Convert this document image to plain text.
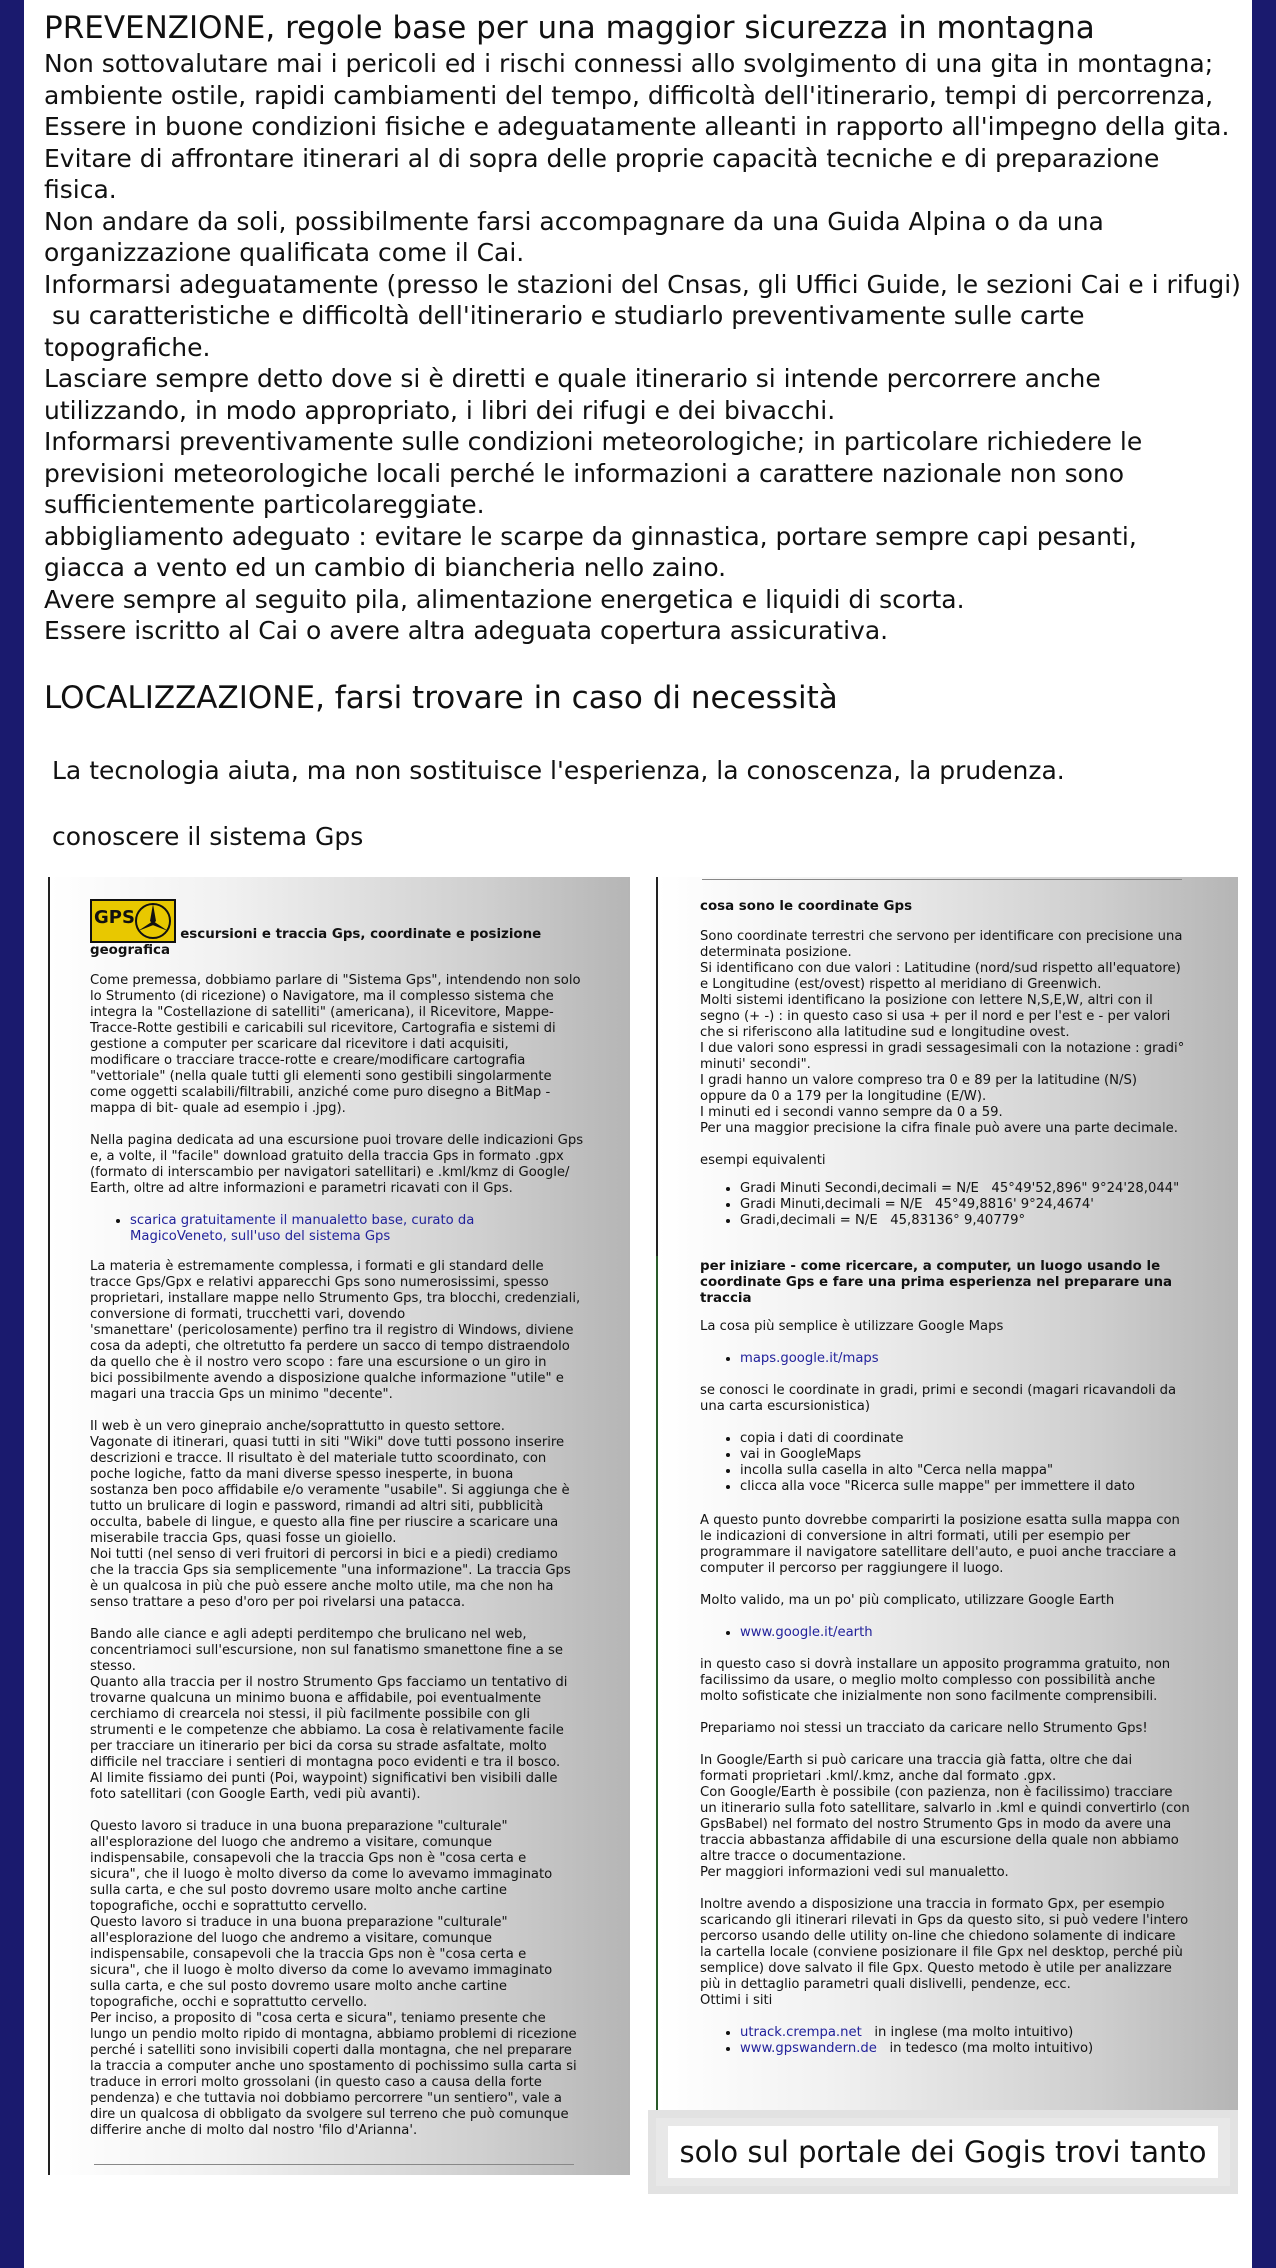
PREVENZIONE, regole base per una maggior sicurezza in montagna
Non sottovalutare mai i pericoli ed i rischi connessi allo svolgimento di una gita in montagna;
ambiente ostile, rapidi cambiamenti del tempo, difficoltà dell'itinerario, tempi di percorrenza,
Essere in buone condizioni fisiche e adeguatamente alleanti in rapporto all'impegno della gita.
Evitare di affrontare itinerari al di sopra delle proprie capacità tecniche e di preparazione
fisica.
Non andare da soli, possibilmente farsi accompagnare da una Guida Alpina o da una
organizzazione qualificata come il Cai.
Informarsi adeguatamente (presso le stazioni del Cnsas, gli Uffici Guide, le sezioni Cai e i rifugi)
su caratteristiche e difficoltà dell'itinerario e studiarlo preventivamente sulle carte
topografiche.
Lasciare sempre detto dove si è diretti e quale itinerario si intende percorrere anche
utilizzando, in modo appropriato, i libri dei rifugi e dei bivacchi.
Informarsi preventivamente sulle condizioni meteorologiche; in particolare richiedere le
previsioni meteorologiche locali perché le informazioni a carattere nazionale non sono
sufficientemente particolareggiate.
abbigliamento adeguato : evitare le scarpe da ginnastica, portare sempre capi pesanti,
giacca a vento ed un cambio di biancheria nello zaino.
Avere sempre al seguito pila, alimentazione energetica e liquidi di scorta.
Essere iscritto al Cai o avere altra adeguata copertura assicurativa.
LOCALIZZAZIONE, farsi trovare in caso di necessità
La tecnologia aiuta, ma non sostituisce l'esperienza, la conoscenza, la prudenza.
conoscere il sistema Gps
GPS
escursioni e traccia Gps, coordinate e posizione geografica

Come premessa, dobbiamo parlare di "Sistema Gps", intendendo non solo
lo Strumento (di ricezione) o Navigatore, ma il complesso sistema che
integra la "Costellazione di satelliti" (americana), il Ricevitore, Mappe-
Tracce-Rotte gestibili e caricabili sul ricevitore, Cartografia e sistemi di
gestione a computer per scaricare dal ricevitore i dati acquisiti,
modificare o tracciare tracce-rotte e creare/modificare cartografia
"vettoriale" (nella quale tutti gli elementi sono gestibili singolarmente
come oggetti scalabili/filtrabili, anziché come puro disegno a BitMap -
mappa di bit- quale ad esempio i .jpg).

Nella pagina dedicata ad una escursione puoi trovare delle indicazioni Gps
e, a volte, il "facile" download gratuito della traccia Gps in formato .gpx
(formato di interscambio per navigatori satellitari) e .kml/kmz di Google/
Earth, oltre ad altre informazioni e parametri ricavati con il Gps.

• scarica gratuitamente il manualetto base, curato da
MagicoVeneto, sull'uso del sistema Gps

La materia è estremamente complessa, i formati e gli standard delle
tracce Gps/Gpx e relativi apparecchi Gps sono numerosissimi, spesso
proprietari, installare mappe nello Strumento Gps, tra blocchi, credenziali,
conversione di formati, trucchetti vari, dovendo
'smanettare' (pericolosamente) perfino tra il registro di Windows, diviene
cosa da adepti, che oltretutto fa perdere un sacco di tempo distraendolo
da quello che è il nostro vero scopo : fare una escursione o un giro in
bici possibilmente avendo a disposizione qualche informazione "utile" e
magari una traccia Gps un minimo "decente".

Il web è un vero ginepraio anche/soprattutto in questo settore.
Vagonate di itinerari, quasi tutti in siti "Wiki" dove tutti possono inserire
descrizioni e tracce. Il risultato è del materiale tutto scoordinato, con
poche logiche, fatto da mani diverse spesso inesperte, in buona
sostanza ben poco affidabile e/o veramente "usabile". Si aggiunga che è
tutto un brulicare di login e password, rimandi ad altri siti, pubblicità
occulta, babele di lingue, e questo alla fine per riuscire a scaricare una
miserabile traccia Gps, quasi fosse un gioiello.
Noi tutti (nel senso di veri fruitori di percorsi in bici e a piedi) crediamo
che la traccia Gps sia semplicemente "una informazione". La traccia Gps
è un qualcosa in più che può essere anche molto utile, ma che non ha
senso trattare a peso d'oro per poi rivelarsi una patacca.

Bando alle ciance e agli adepti perditempo che brulicano nel web,
concentriamoci sull'escursione, non sul fanatismo smanettone fine a se
stesso.
Quanto alla traccia per il nostro Strumento Gps facciamo un tentativo di
trovarne qualcuna un minimo buona e affidabile, poi eventualmente
cerchiamo di crearcela noi stessi, il più facilmente possibile con gli
strumenti e le competenze che abbiamo. La cosa è relativamente facile
per tracciare un itinerario per bici da corsa su strade asfaltate, molto
difficile nel tracciare i sentieri di montagna poco evidenti e tra il bosco.
Al limite fissiamo dei punti (Poi, waypoint) significativi ben visibili dalle
foto satellitari (con Google Earth, vedi più avanti).

Questo lavoro si traduce in una buona preparazione "culturale"
all'esplorazione del luogo che andremo a visitare, comunque
indispensabile, consapevoli che la traccia Gps non è "cosa certa e
sicura", che il luogo è molto diverso da come lo avevamo immaginato
sulla carta, e che sul posto dovremo usare molto anche cartine
topografiche, occhi e soprattutto cervello.
Questo lavoro si traduce in una buona preparazione "culturale"
all'esplorazione del luogo che andremo a visitare, comunque
indispensabile, consapevoli che la traccia Gps non è "cosa certa e
sicura", che il luogo è molto diverso da come lo avevamo immaginato
sulla carta, e che sul posto dovremo usare molto anche cartine
topografiche, occhi e soprattutto cervello.
Per inciso, a proposito di "cosa certa e sicura", teniamo presente che
lungo un pendio molto ripido di montagna, abbiamo problemi di ricezione
perché i satelliti sono invisibili coperti dalla montagna, che nel preparare
la traccia a computer anche uno spostamento di pochissimo sulla carta si
traduce in errori molto grossolani (in questo caso a causa della forte
pendenza) e che tuttavia noi dobbiamo percorrere "un sentiero", vale a
dire un qualcosa di obbligato da svolgere sul terreno che può comunque
differire anche di molto dal nostro 'filo d'Arianna'.

cosa sono le coordinate Gps

Sono coordinate terrestri che servono per identificare con precisione una
determinata posizione.
Si identificano con due valori : Latitudine (nord/sud rispetto all'equatore)
e Longitudine (est/ovest) rispetto al meridiano di Greenwich.
Molti sistemi identificano la posizione con lettere N,S,E,W, altri con il
segno (+ -) : in questo caso si usa + per il nord e per l'est e - per valori
che si riferiscono alla latitudine sud e longitudine ovest.
I due valori sono espressi in gradi sessagesimali con la notazione : gradi°
minuti' secondi".
I gradi hanno un valore compreso tra 0 e 89 per la latitudine (N/S)
oppure da 0 a 179 per la longitudine (E/W).
I minuti ed i secondi vanno sempre da 0 a 59.
Per una maggior precisione la cifra finale può avere una parte decimale.

esempi equivalenti

• Gradi Minuti Secondi,decimali = N/E   45°49'52,896" 9°24'28,044"
• Gradi Minuti,decimali = N/E   45°49,8816' 9°24,4674'
• Gradi,decimali = N/E   45,83136° 9,40779°
per iniziare - come ricercare, a computer, un luogo usando le
coordinate Gps e fare una prima esperienza nel preparare una
traccia

La cosa più semplice è utilizzare Google Maps

• maps.google.it/maps

se conosci le coordinate in gradi, primi e secondi (magari ricavandoli da
una carta escursionistica)

• copia i dati di coordinate
• vai in GoogleMaps
• incolla sulla casella in alto "Cerca nella mappa"
• clicca alla voce "Ricerca sulle mappe" per immettere il dato

A questo punto dovrebbe comparirti la posizione esatta sulla mappa con
le indicazioni di conversione in altri formati, utili per esempio per
programmare il navigatore satellitare dell'auto, e puoi anche tracciare a
computer il percorso per raggiungere il luogo.

Molto valido, ma un po' più complicato, utilizzare Google Earth

• www.google.it/earth

in questo caso si dovrà installare un apposito programma gratuito, non
facilissimo da usare, o meglio molto complesso con possibilità anche
molto sofisticate che inizialmente non sono facilmente comprensibili.

Prepariamo noi stessi un tracciato da caricare nello Strumento Gps!

In Google/Earth si può caricare una traccia già fatta, oltre che dai
formati proprietari .kml/.kmz, anche dal formato .gpx.
Con Google/Earth è possibile (con pazienza, non è facilissimo) tracciare
un itinerario sulla foto satellitare, salvarlo in .kml e quindi convertirlo (con
GpsBabel) nel formato del nostro Strumento Gps in modo da avere una
traccia abbastanza affidabile di una escursione della quale non abbiamo
altre tracce o documentazione.
Per maggiori informazioni vedi sul manualetto.

Inoltre avendo a disposizione una traccia in formato Gpx, per esempio
scaricando gli itinerari rilevati in Gps da questo sito, si può vedere l'intero
percorso usando delle utility on-line che chiedono solamente di indicare
la cartella locale (conviene posizionare il file Gpx nel desktop, perché più
semplice) dove salvato il file Gpx. Questo metodo è utile per analizzare
più in dettaglio parametri quali dislivelli, pendenze, ecc.
Ottimi i siti

• utrack.crempa.net   in inglese (ma molto intuitivo)
• www.gpswandern.de   in tedesco (ma molto intuitivo)
solo sul portale dei Gogis trovi tanto
